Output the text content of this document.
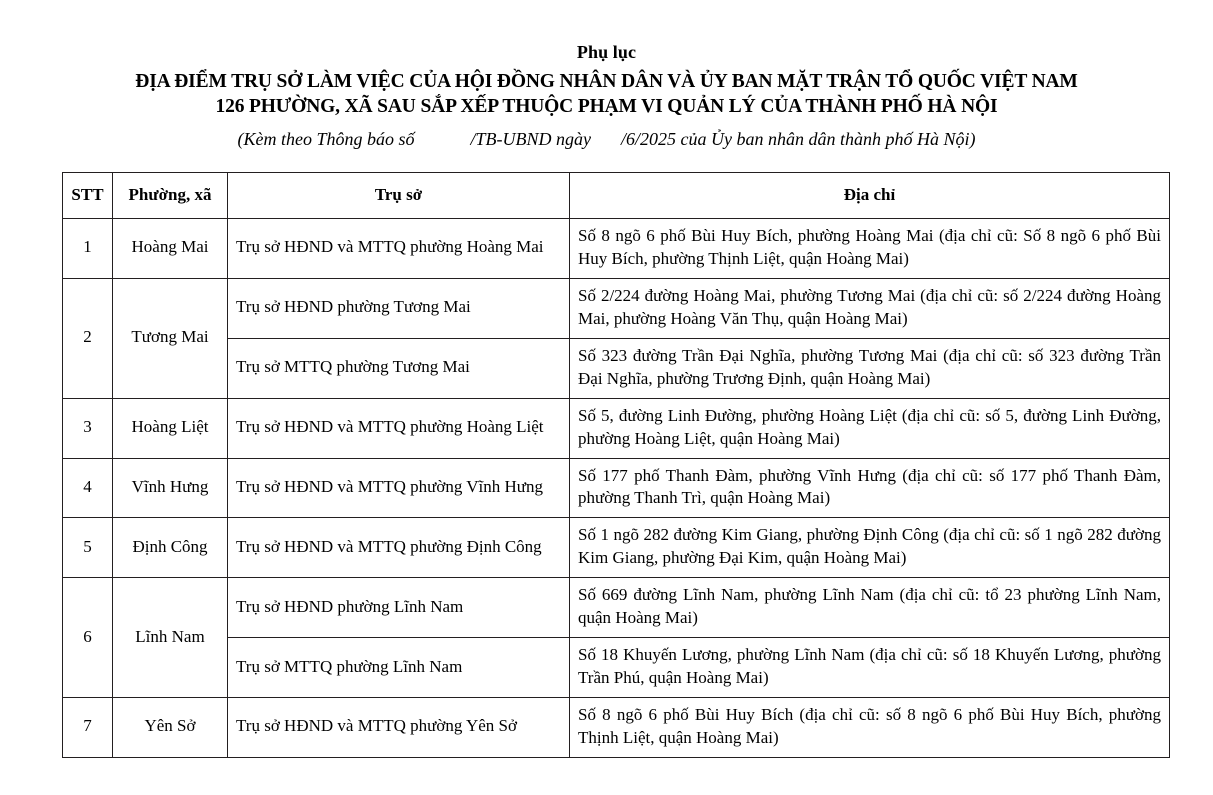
Phụ lục
ĐỊA ĐIỂM TRỤ SỞ LÀM VIỆC CỦA HỘI ĐỒNG NHÂN DÂN VÀ ỦY BAN MẶT TRẬN TỔ QUỐC VIỆT NAM
126 PHƯỜNG, XÃ SAU SẮP XẾP THUỘC PHẠM VI QUẢN LÝ CỦA THÀNH PHỐ HÀ NỘI
(Kèm theo Thông báo số	/TB-UBND ngày /6/2025 của Ủy ban nhân dân thành phố Hà Nội)
STT	Phường, xã	Trụ sở	Địa chỉ
1	Hoàng Mai	Trụ sở HĐND và MTTQ phường Hoàng Mai	Số 8 ngõ 6 phố Bùi Huy Bích, phường Hoàng Mai (địa chỉ cũ: Số 8 ngõ 6 phố Bùi Huy Bích, phường Thịnh Liệt, quận Hoàng Mai)
2	Tương Mai	Trụ sở HĐND phường Tương Mai	Số 2/224 đường Hoàng Mai, phường Tương Mai (địa chỉ cũ: số 2/224 đường Hoàng Mai, phường Hoàng Văn Thụ, quận Hoàng Mai)
		Trụ sở MTTQ phường Tương Mai	Số 323 đường Trần Đại Nghĩa, phường Tương Mai (địa chỉ cũ: số 323 đường Trần Đại Nghĩa, phường Trương Định, quận Hoàng Mai)
3	Hoàng Liệt	Trụ sở HĐND và MTTQ phường Hoàng Liệt	Số 5, đường Linh Đường, phường Hoàng Liệt (địa chỉ cũ: số 5, đường Linh Đường, phường Hoàng Liệt, quận Hoàng Mai)
4	Vĩnh Hưng	Trụ sở HĐND và MTTQ phường Vĩnh Hưng	Số 177 phố Thanh Đàm, phường Vĩnh Hưng (địa chỉ cũ: số 177 phố Thanh Đàm, phường Thanh Trì, quận Hoàng Mai)
5	Định Công	Trụ sở HĐND và MTTQ phường Định Công	Số 1 ngõ 282 đường Kim Giang, phường Định Công (địa chỉ cũ: số 1 ngõ 282 đường Kim Giang, phường Đại Kim, quận Hoàng Mai)
6	Lĩnh Nam	Trụ sở HĐND phường Lĩnh Nam	Số 669 đường Lĩnh Nam, phường Lĩnh Nam (địa chỉ cũ: tổ 23 phường Lĩnh Nam, quận Hoàng Mai)
		Trụ sở MTTQ phường Lĩnh Nam	Số 18 Khuyến Lương, phường Lĩnh Nam (địa chỉ cũ: số 18 Khuyến Lương, phường Trần Phú, quận Hoàng Mai)
7	Yên Sở	Trụ sở HĐND và MTTQ phường Yên Sở	Số 8 ngõ 6 phố Bùi Huy Bích (địa chỉ cũ: số 8 ngõ 6 phố Bùi Huy Bích, phường Thịnh Liệt, quận Hoàng Mai)
